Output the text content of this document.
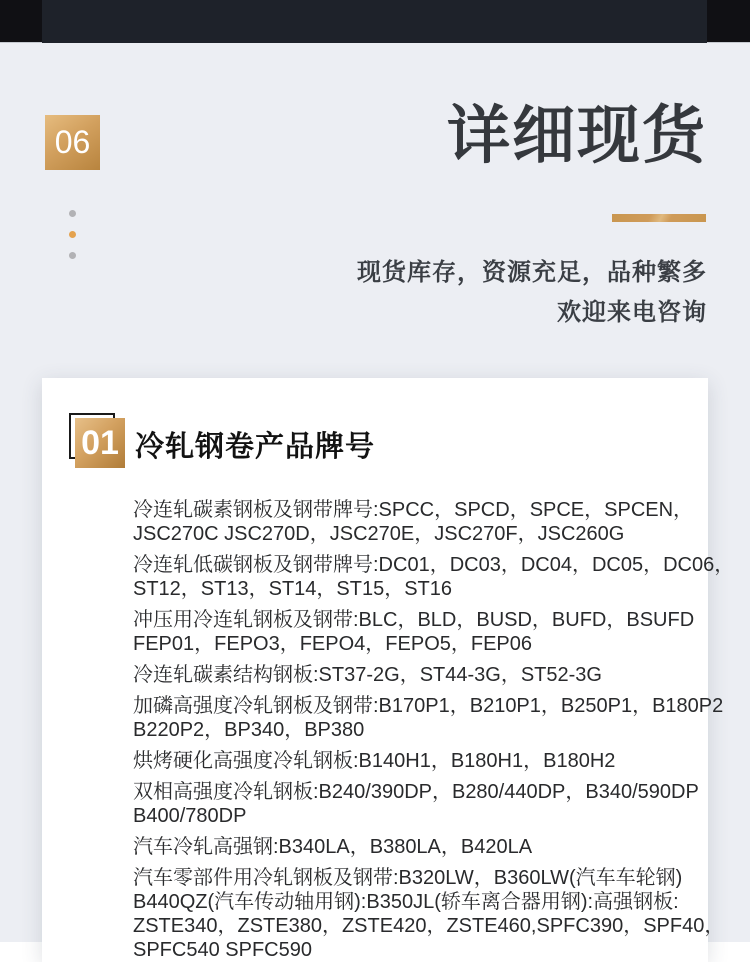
06	详细现货
现货库存，资源充足，品种繁多
欢迎来电咨询
01 冷轧钢卷产品牌号

冷连轧碳素钢板及钢带牌号:SPCC，SPCD，SPCE，SPCEN，
JSC270C JSC270D，JSC270E，JSC270F，JSC260G

冷连轧低碳钢板及钢带牌号:DC01，DC03，DC04，DC05，DC06，
ST12，ST13，ST14，ST15，ST16

冲压用冷连轧钢板及钢带:BLC，BLD，BUSD，BUFD，BSUFD
FEP01，FEPO3，FEPO4，FEPO5，FEP06

冷连轧碳素结构钢板:ST37-2G，ST44-3G，ST52-3G

加磷高强度冷轧钢板及钢带:B170P1，B210P1，B250P1，B180P2
B220P2，BP340，BP380

烘烤硬化高强度冷轧钢板:B140H1，B180H1，B180H2

双相高强度冷轧钢板:B240/390DP，B280/440DP，B340/590DP
B400/780DP

汽车冷轧高强钢:B340LA，B380LA，B420LA

汽车零部件用冷轧钢板及钢带:B320LW，B360LW(汽车车轮钢)
B440QZ(汽车传动轴用钢):B350JL(轿车离合器用钢):高强钢板:
ZSTE340，ZSTE380，ZSTE420，ZSTE460,SPFC390，SPF40，
SPFC540 SPFC590
